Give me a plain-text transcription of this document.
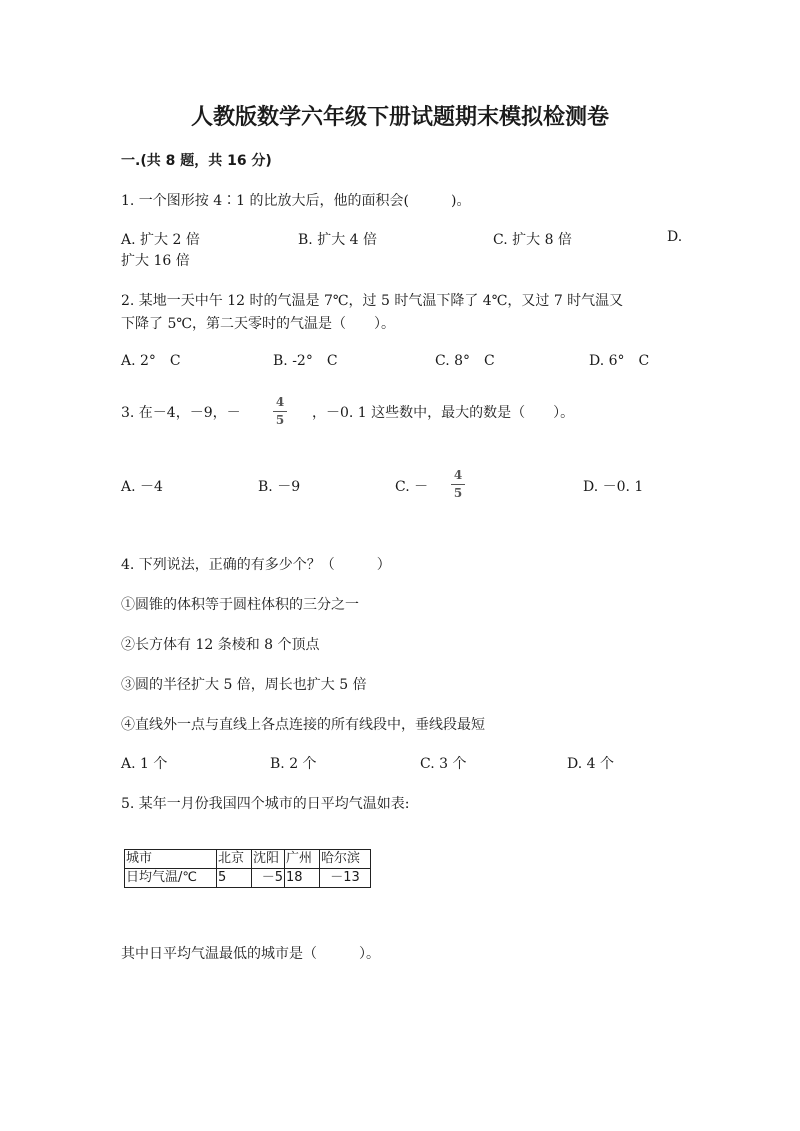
人教版数学六年级下册试题期末模拟检测卷
一.(共 8 题，共 16 分)
1. 一个图形按 4∶1 的比放大后，他的面积会(　　　)。
A. 扩大 2 倍	B. 扩大 4 倍	C. 扩大 8 倍	D.
扩大 16 倍
2. 某地一天中午 12 时的气温是 7℃，过 5 时气温下降了 4℃，又过 7 时气温又
下降了 5℃，第二天零时的气温是（　　）。
A. 2°　C	B. -2°　C	C. 8°　C	D. 6°　C
3. 在－4，－9，－
4
5 ，－0. 1 这些数中，最大的数是（　　）。
A. －4	B. －9	C. －
4
5	D. －0. 1
4. 下列说法，正确的有多少个？（　　　）
①圆锥的体积等于圆柱体积的三分之一
②长方体有 12 条棱和 8 个顶点
③圆的半径扩大 5 倍，周长也扩大 5 倍
④直线外一点与直线上各点连接的所有线段中，垂线段最短
A. 1 个	B. 2 个	C. 3 个	D. 4 个
5. 某年一月份我国四个城市的日平均气温如表:
城市	北京	沈阳	广州	哈尔滨
日均气温/℃	5	－5	18	－13
其中日平均气温最低的城市是（　　　）。
